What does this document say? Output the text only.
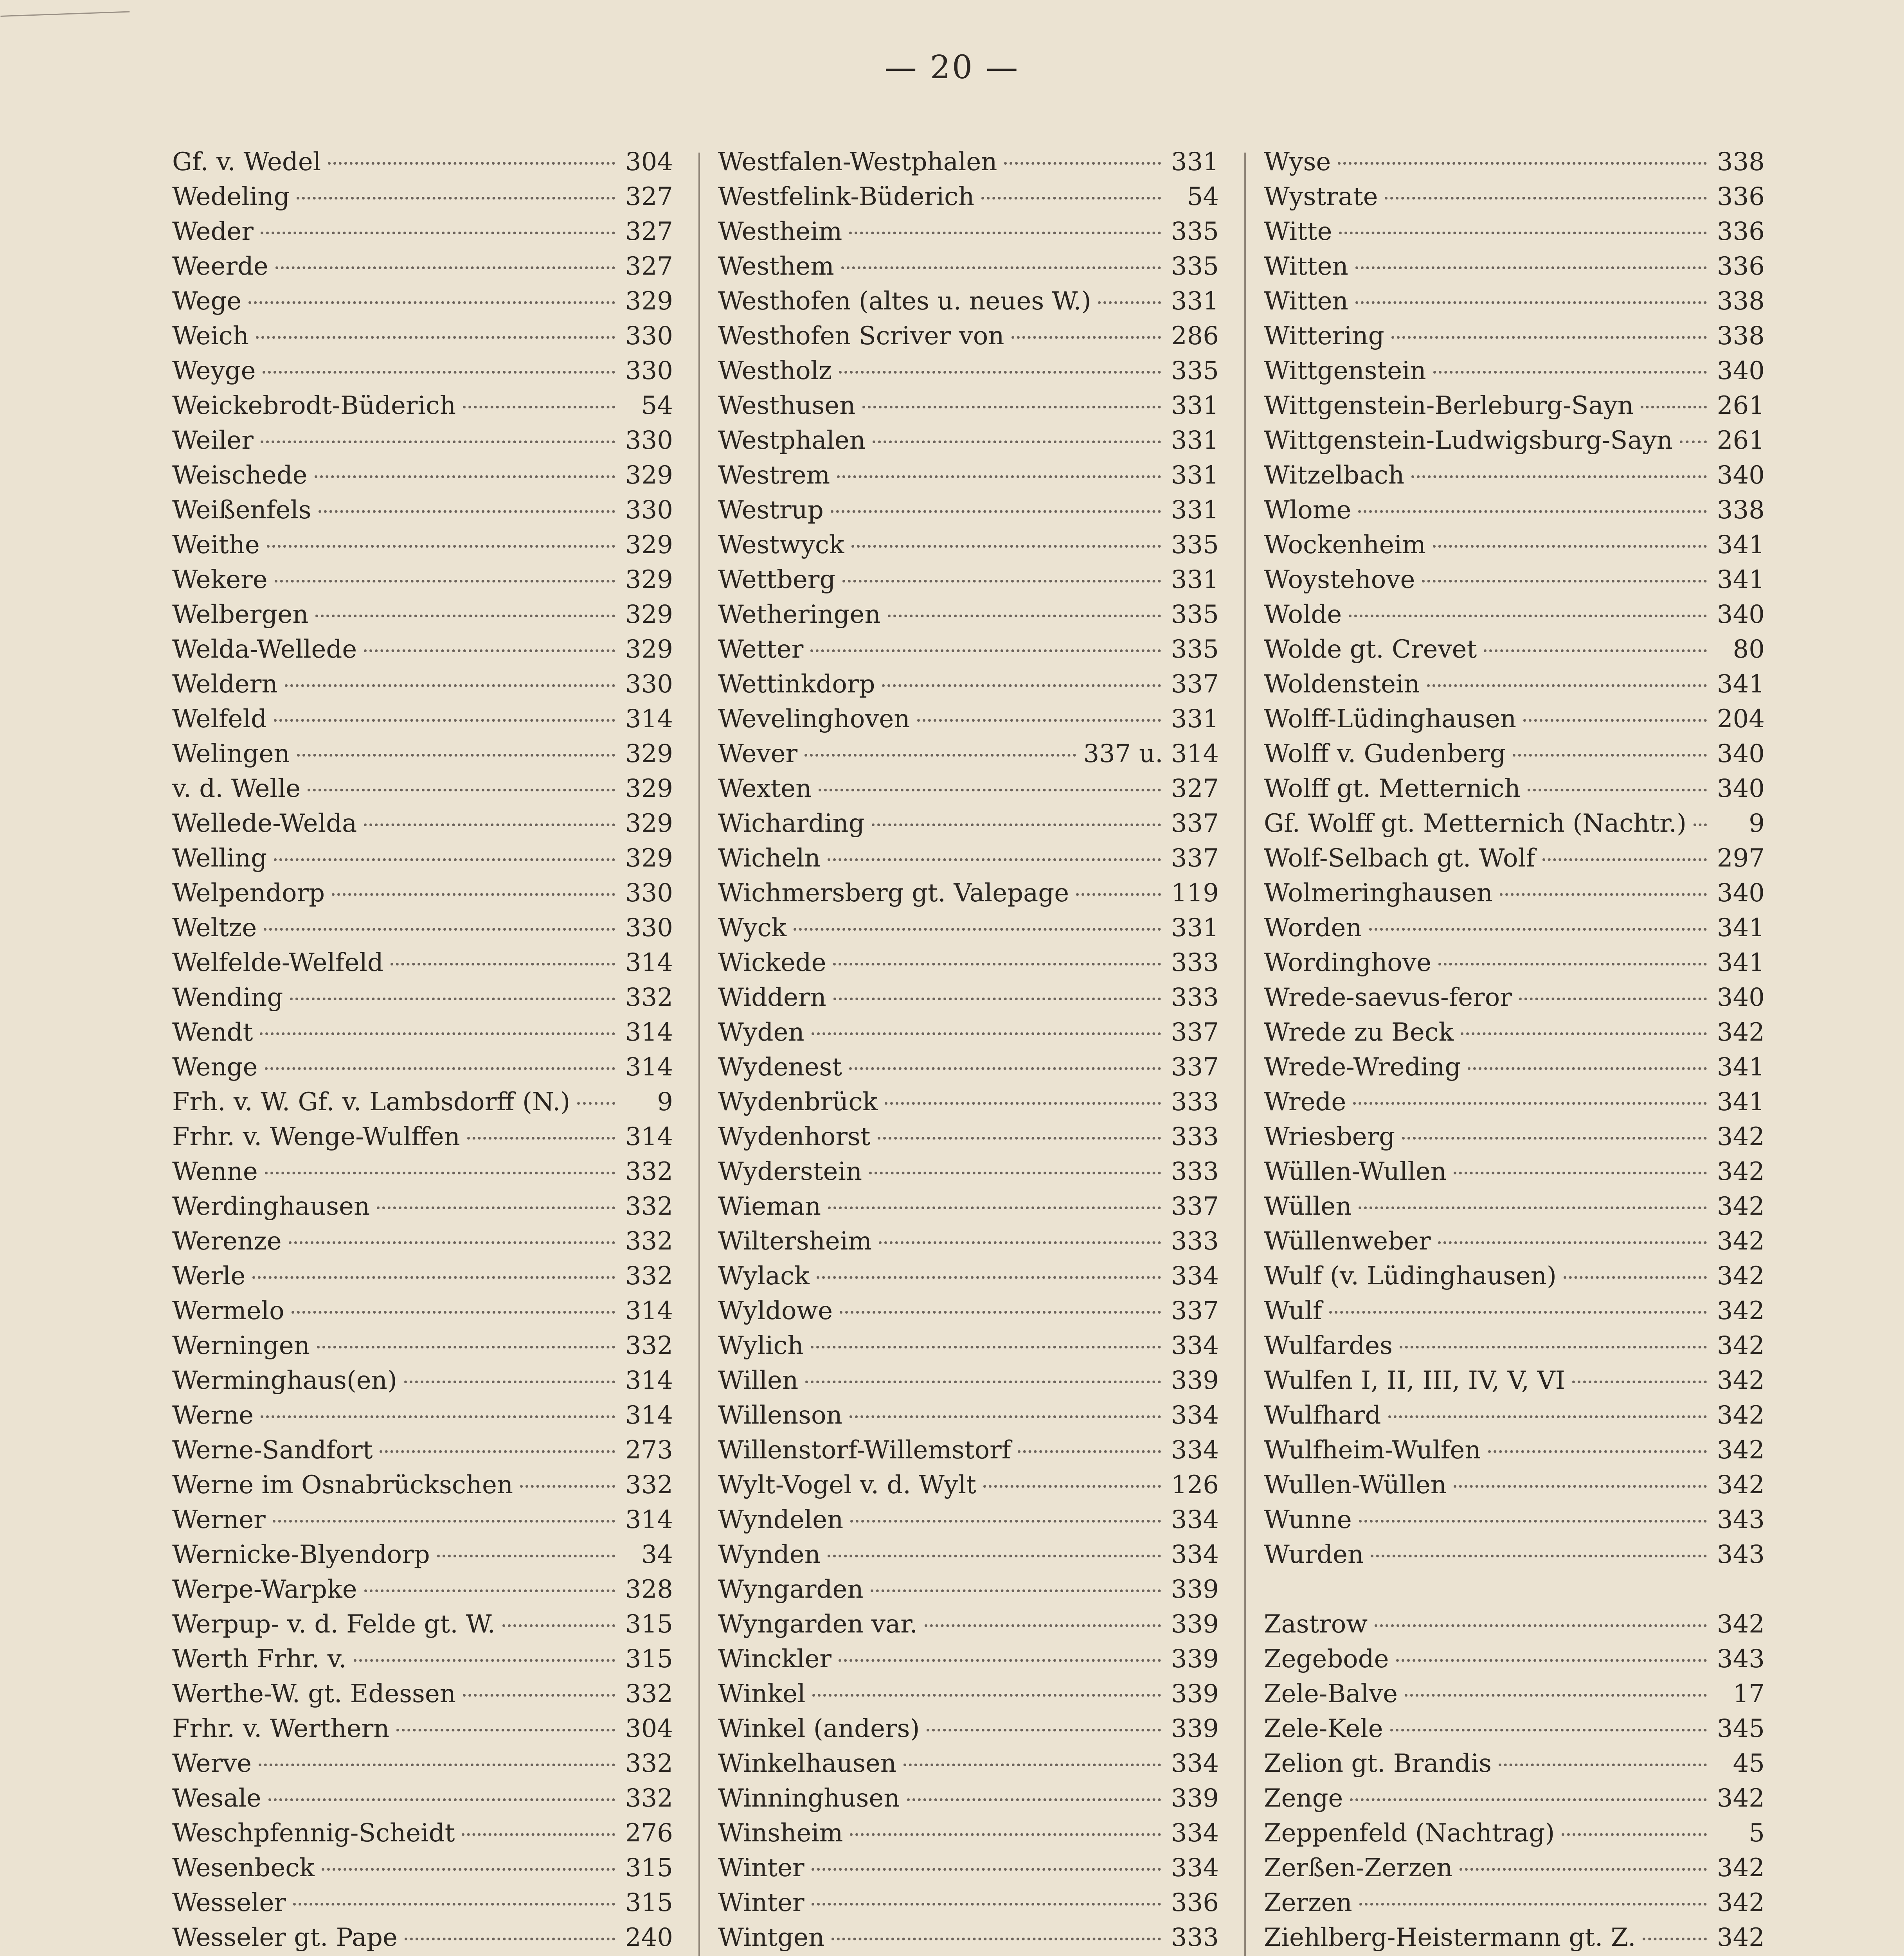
— 20 —
Gf. v. Wedel	304
Wedeling	327
Weder	327
Weerde	327
Wege	329
Weich	330
Weyge	330
Weickebrodt-Büderich	54
Weiler	330
Weischede	329
Weißenfels	330
Weithe	329
Wekere	329
Welbergen	329
Welda-Wellede	329
Weldern	330
Welfeld	314
Welingen	329
v. d. Welle	329
Wellede-Welda	329
Welling	329
Welpendorp	330
Weltze	330
Welfelde-Welfeld	314
Wending	332
Wendt	314
Wenge	314
Frh. v. W. Gf. v. Lambsdorff (N.)	9
Frhr. v. Wenge-Wulffen	314
Wenne	332
Werdinghausen	332
Werenze	332
Werle	332
Wermelo	314
Werningen	332
Werminghaus(en)	314
Werne	314
Werne-Sandfort	273
Werne im Osnabrückschen	332
Werner	314
Wernicke-Blyendorp	34
Werpe-Warpke	328
Werpup- v. d. Felde gt. W.	315
Werth Frhr. v.	315
Werthe-W. gt. Edessen	332
Frhr. v. Werthern	304
Werve	332
Wesale	332
Weschpfennig-Scheidt	276
Wesenbeck	315
Wesseler	315
Wesseler gt. Pape	240
Westfalen-Westphalen	331
Westfelink-Büderich	54
Westheim	335
Westhem	335
Westhofen (altes u. neues W.)	331
Westhofen Scriver von	286
Westholz	335
Westhusen	331
Westphalen	331
Westrem	331
Westrup	331
Westwyck	335
Wettberg	331
Wetheringen	335
Wetter	335
Wettinkdorp	337
Wevelinghoven	331
Wever	337 u. 314
Wexten	327
Wicharding	337
Wicheln	337
Wichmersberg gt. Valepage	119
Wyck	331
Wickede	333
Widdern	333
Wyden	337
Wydenest	337
Wydenbrück	333
Wydenhorst	333
Wyderstein	333
Wieman	337
Wiltersheim	333
Wylack	334
Wyldowe	337
Wylich	334
Willen	339
Willenson	334
Willenstorf-Willemstorf	334
Wylt-Vogel v. d. Wylt	126
Wyndelen	334
Wynden	334
Wyngarden	339
Wyngarden var.	339
Winckler	339
Winkel	339
Winkel (anders)	339
Winkelhausen	334
Winninghusen	339
Winsheim	334
Winter	334
Winter	336
Wintgen	333
Wyse	338
Wystrate	336
Witte	336
Witten	336
Witten	338
Wittering	338
Wittgenstein	340
Wittgenstein-Berleburg-Sayn	261
Wittgenstein-Ludwigsburg-Sayn 261
Witzelbach	340
Wlome	338
Wockenheim	341
Woystehove	341
Wolde	340
Wolde gt. Crevet	80
Woldenstein	341
Wolff-Lüdinghausen	204
Wolff v. Gudenberg	340
Wolff gt. Metternich	340
Gf. Wolff gt. Metternich (Nachtr.)	9
Wolf-Selbach gt. Wolf	297
Wolmeringhausen	340
Worden	341
Wordinghove	341
Wrede-saevus-feror	340
Wrede zu Beck	342
Wrede-Wreding	341
Wrede	341
Wriesberg	342
Wüllen-Wullen	342
Wüllen	342
Wüllenweber	342
Wulf (v. Lüdinghausen)	342
Wulf	342
Wulfardes	342
Wulfen I, II, III, IV, V, VI	342
Wulfhard	342
Wulfheim-Wulfen	342
Wullen-Wüllen	342
Wunne	343
Wurden	343
Zastrow	342
Zegebode	343
Zele-Balve	17
Zele-Kele	345
Zelion gt. Brandis	45
Zenge	342
Zeppenfeld (Nachtrag)	5
Zerßen-Zerzen	342
Zerzen	342
Ziehlberg-Heistermann gt. Z.	342
